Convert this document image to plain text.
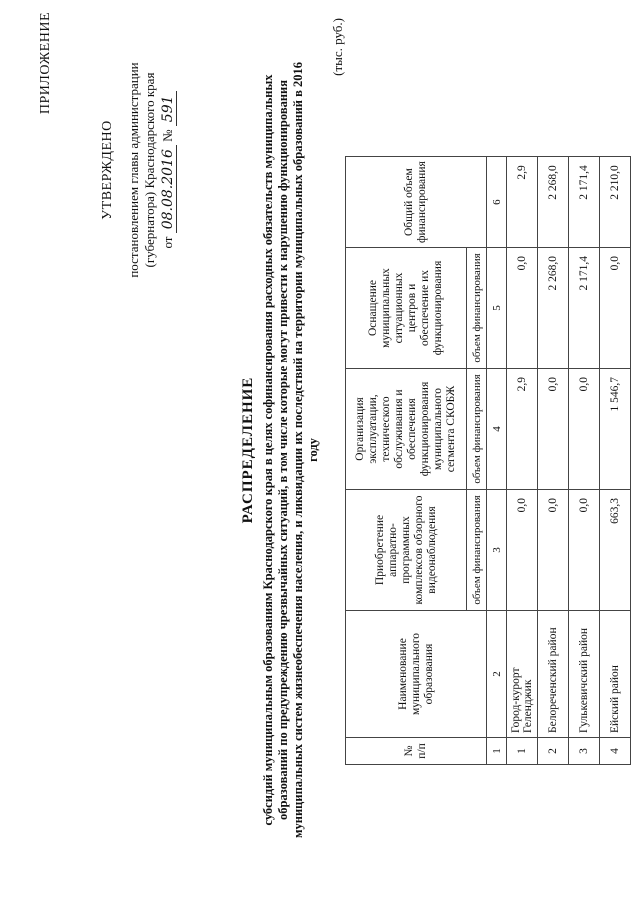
ПРИЛОЖЕНИЕ
УТВЕРЖДЕНО постановлением главы администрации (губернатора) Краснодарского края от 08.08.2016 № 591
РАСПРЕДЕЛЕНИЕ субсидий муниципальным образованиям Краснодарского края в целях софинансирования расходных обязательств муниципальных образований по предупреждению чрезвычайных ситуаций, в том числе которые могут привести к нарушению функционирования муниципальных систем жизнеобеспечения населения, и ликвидации их последствий на территории муниципальных образований в 2016 году
(тыс. руб.)
№ п/п	Наименование муниципального образования	Приобретение аппаратно-программных комплексов обзорного видеонаблюдения	Организация эксплуатации, технического обслуживания и обеспечения функционирования муниципального сегмента СКОБЖ	Оснащение муниципальных ситуационных центров и обеспечение их функционирования	Общий объем финансирования
		объем финансирования	объем финансирования	объем финансирования	
1	2	3	4	5	6
1	Город-курорт Геленджик	0,0	2,9	0,0	2,9
2	Белореченский район	0,0	0,0	2 268,0	2 268,0
3	Гулькевичский район	0,0	0,0	2 171,4	2 171,4
4	Ейский район	663,3	1 546,7	0,0	2 210,0
